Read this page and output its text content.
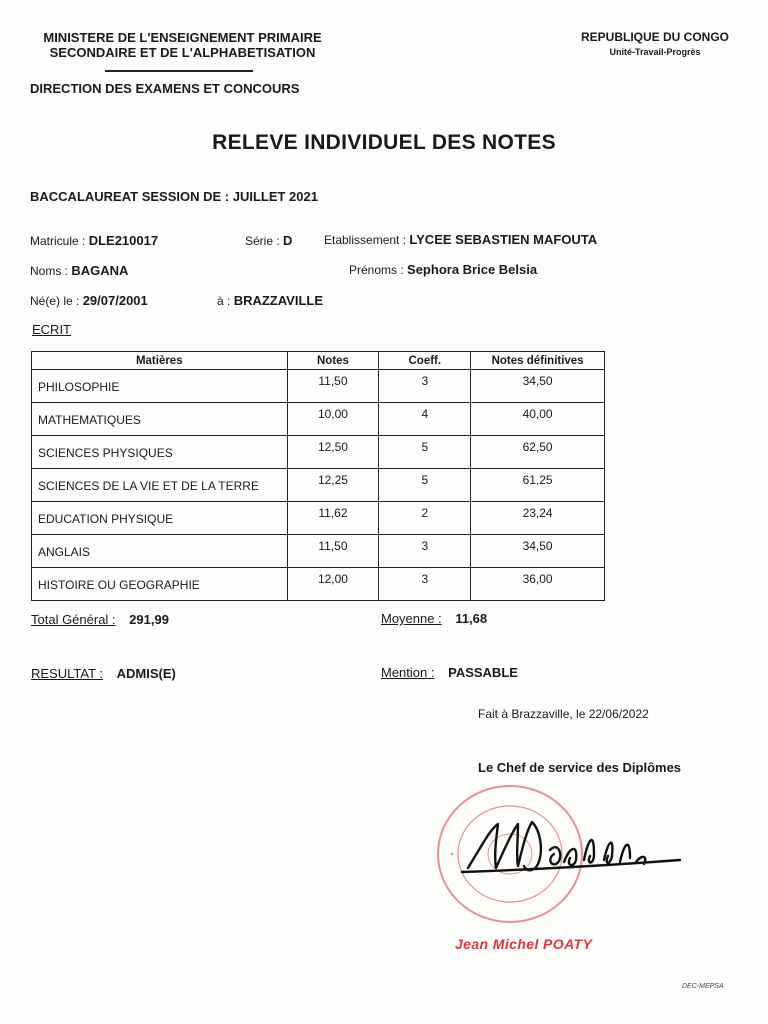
MINISTERE DE L'ENSEIGNEMENT PRIMAIRE
SECONDAIRE ET DE L'ALPHABETISATION
DIRECTION DES EXAMENS ET CONCOURS
REPUBLIQUE DU CONGO
Unité-Travail-Progrès
RELEVE INDIVIDUEL DES NOTES
BACCALAUREAT SESSION DE : JUILLET 2021
Matricule : DLE210017	Série : D	Etablissement : LYCEE SEBASTIEN MAFOUTA
Noms : BAGANA	Prénoms : Sephora Brice Belsia
Né(e) le : 29/07/2001	à : BRAZZAVILLE
ECRIT
Matières	Notes	Coeff.	Notes définitives
PHILOSOPHIE	11,50	3	34,50
MATHEMATIQUES	10,00	4	40,00
SCIENCES PHYSIQUES	12,50	5	62,50
SCIENCES DE LA VIE ET DE LA TERRE	12,25	5	61,25
EDUCATION PHYSIQUE	11,62	2	23,24
ANGLAIS	11,50	3	34,50
HISTOIRE OU GEOGRAPHIE	12,00	3	36,00
Total Général : 291,99	Moyenne : 11,68
RESULTAT : ADMIS(E)	Mention : PASSABLE
Fait à Brazzaville, le 22/06/2022
Le Chef de service des Diplômes
Jean Michel POATY
DEC-MEPSA
